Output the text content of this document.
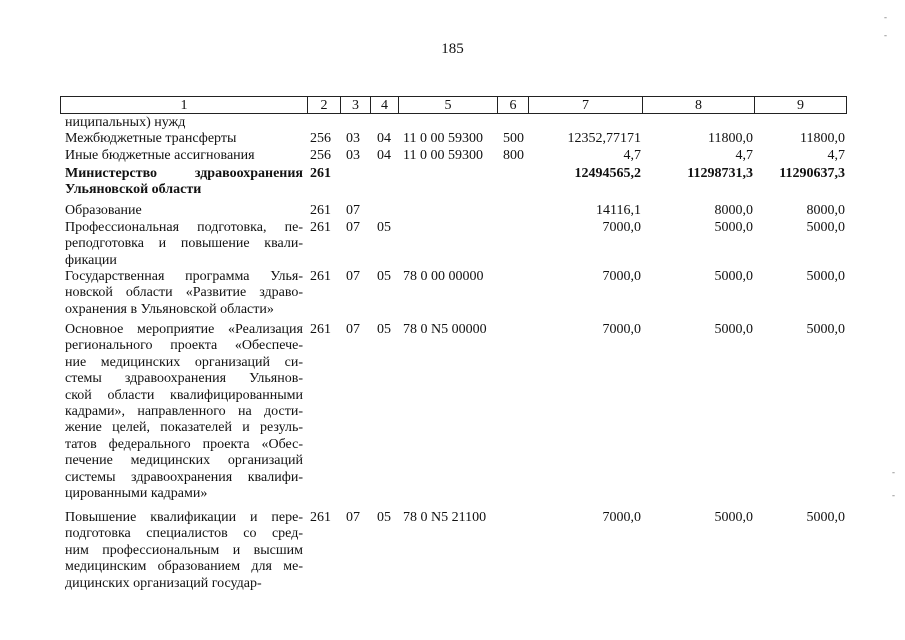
185
1	2	3	4	5	6	7	8	9
ниципальных) нужд
Межбюджетные трансферты	256 03 04 11 0 00 59300	500	12352,77171	11800,0	11800,0
Иные бюджетные ассигнования	256 03 04 11 0 00 59300	800	4,7	4,7	4,7
Министерство здравоохранения
Ульяновской области
261	12494565,2	11298731,3	11290637,3
Образование	261 07	14116,1	8000,0	8000,0
Профессиональная подготовка, пе-
реподготовка и повышение квали-
фикации
261 07 05	7000,0	5000,0	5000,0
Государственная программа Улья-
новской области «Развитие здраво-
охранения в Ульяновской области»
261 07 05 78 0 00 00000	7000,0	5000,0	5000,0
Основное мероприятие «Реализация
регионального проекта «Обеспече-
ние медицинских организаций си-
стемы здравоохранения Ульянов-
ской области квалифицированными
кадрами», направленного на дости-
жение целей, показателей и резуль-
татов федерального проекта «Обес-
печение медицинских организаций
системы здравоохранения квалифи-
цированными кадрами»
261 07 05 78 0 N5 00000	7000,0	5000,0	5000,0
Повышение квалификации и пере-
подготовка специалистов со сред-
ним профессиональным и высшим
медицинским образованием для ме-
дицинских организаций государ-
261 07 05 78 0 N5 21100	7000,0	5000,0	5000,0
-
-
-
-
